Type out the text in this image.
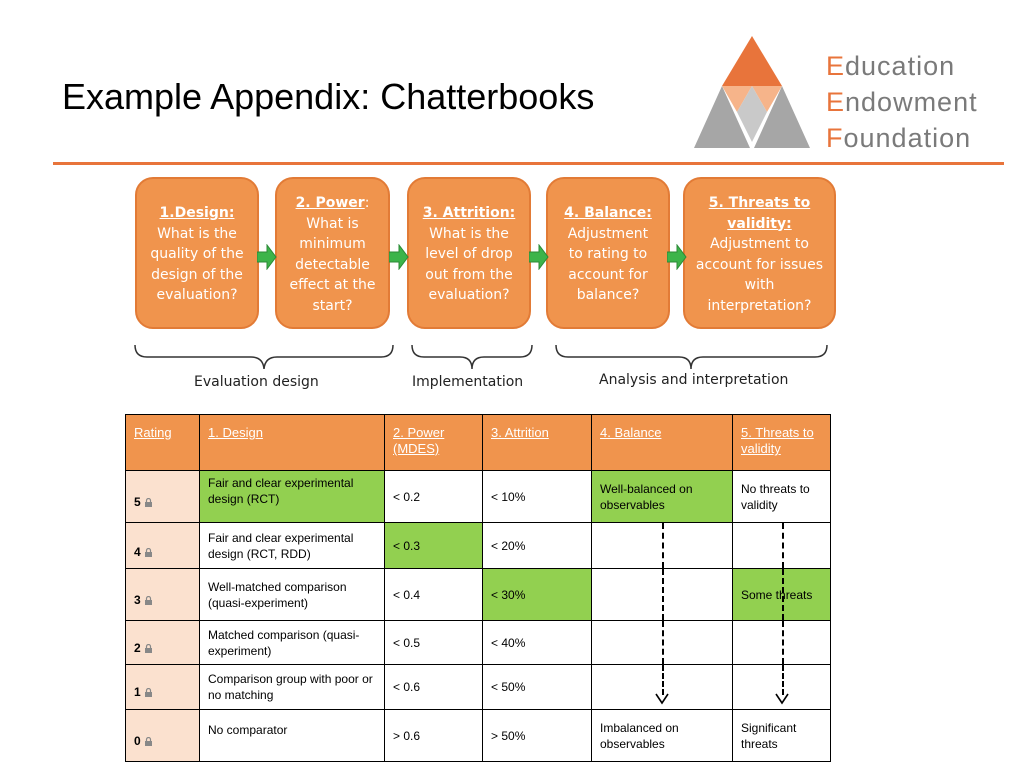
Example Appendix: Chatterbooks
Education
Endowment
Foundation
1.Design:
What is the
quality of the
design of the
evaluation?
2. Power:
What is
minimum
detectable
effect at the
start?
3. Attrition:
What is the
level of drop
out from the
evaluation?
4. Balance:
Adjustment
to rating to
account for
balance?
5. Threats to validity:
Adjustment to
account for issues
with
interpretation?
Evaluation design	Implementation	Analysis and interpretation
Rating	1. Design	2. Power (MDES)	3. Attrition	4. Balance	5. Threats to validity
5	Fair and clear experimental design (RCT)	< 0.2	< 10%	Well-balanced on observables	No threats to validity
4	Fair and clear experimental design (RCT, RDD)	< 0.3	< 20%	

3	Well-matched comparison (quasi-experiment)	< 0.4	< 30%		Some threats
2	Matched comparison (quasi-experiment)	< 0.5	< 40%	

1	Comparison group with poor or no matching	< 0.6	< 50%	

0	No comparator	> 0.6	> 50%	Imbalanced on observables	Significant threats
